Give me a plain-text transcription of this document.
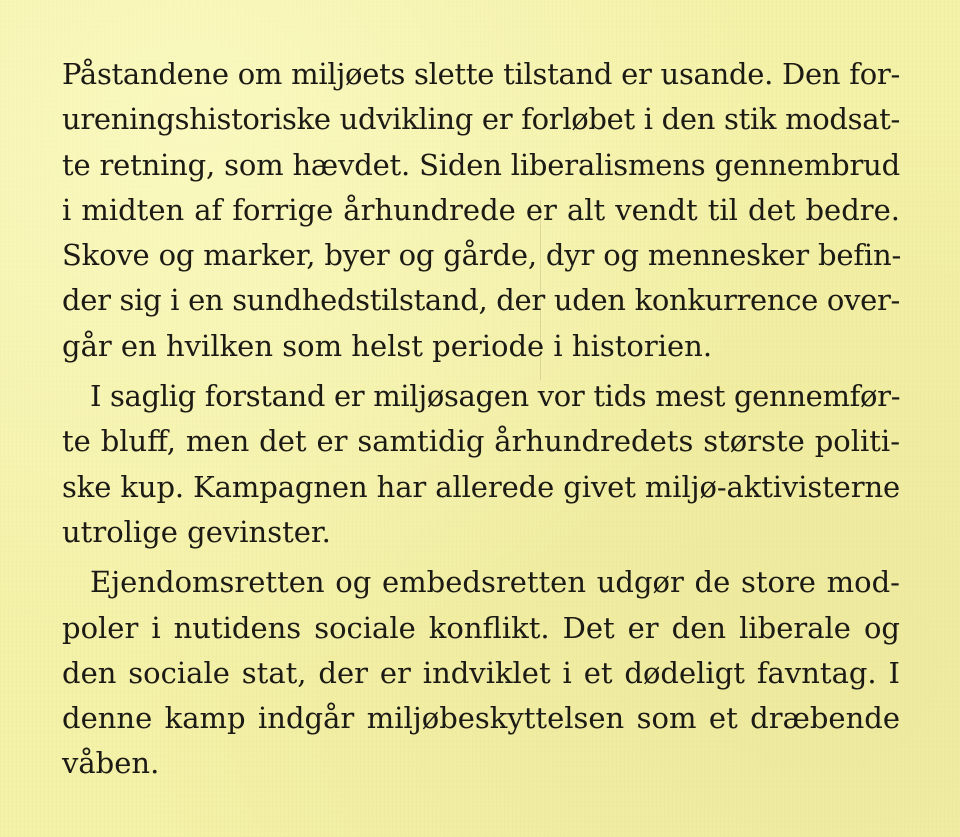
Påstandene om miljøets slette tilstand er usande. Den for-
ureningshistoriske udvikling er forløbet i den stik modsat-
te retning, som hævdet. Siden liberalismens gennembrud
i midten af forrige århundrede er alt vendt til det bedre.
Skove og marker, byer og gårde, dyr og mennesker befin-
der sig i en sundhedstilstand, der uden konkurrence over-
går en hvilken som helst periode i historien.

I saglig forstand er miljøsagen vor tids mest gennemfør-
te bluff, men det er samtidig århundredets største politi-
ske kup. Kampagnen har allerede givet miljø-aktivisterne
utrolige gevinster.

Ejendomsretten og embedsretten udgør de store mod-
poler i nutidens sociale konflikt. Det er den liberale og
den sociale stat, der er indviklet i et dødeligt favntag. I
denne kamp indgår miljøbeskyttelsen som et dræbende
våben.
